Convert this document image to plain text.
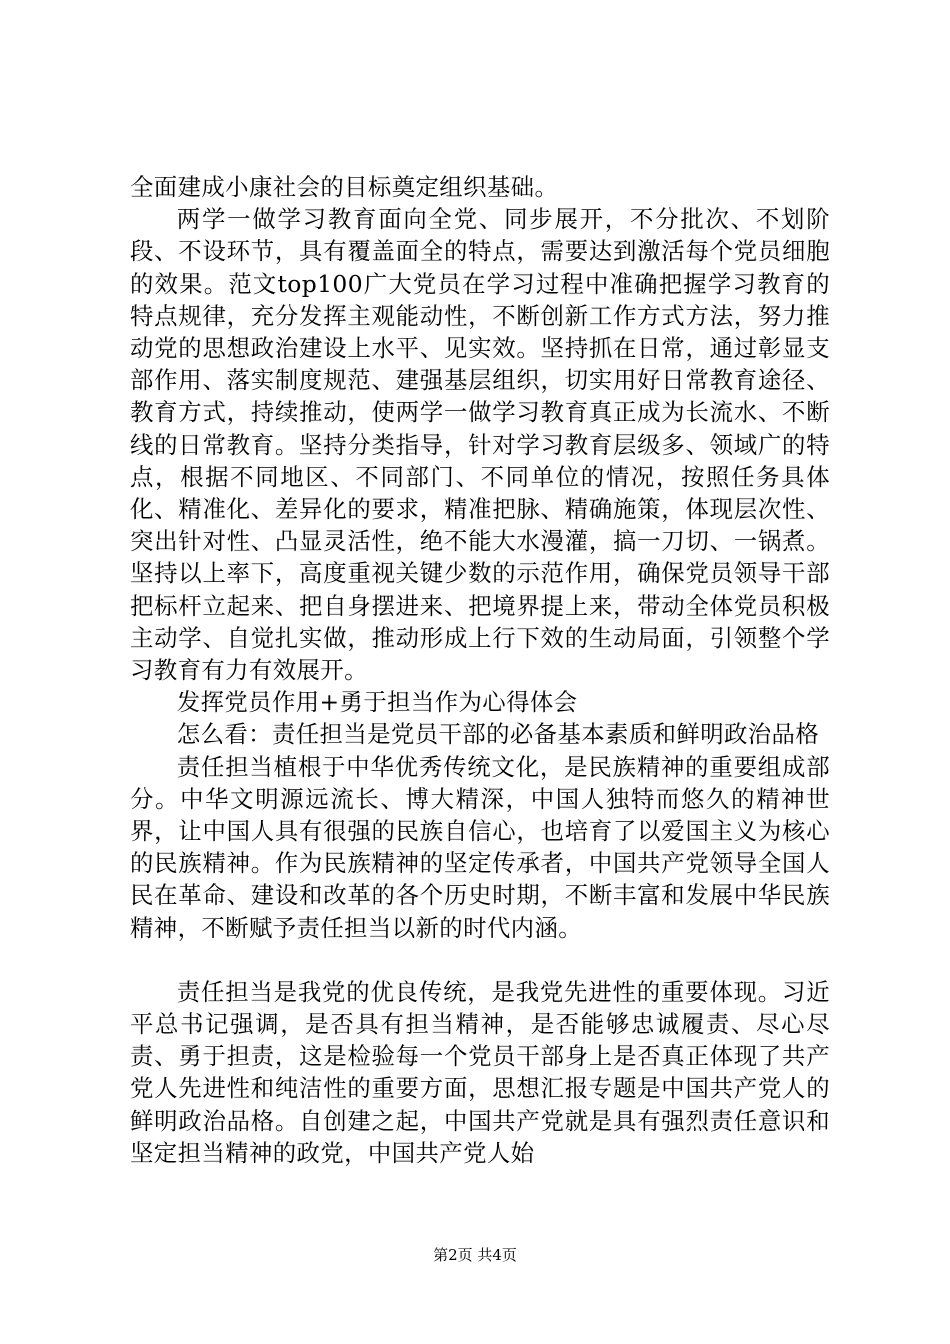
全面建成小康社会的目标奠定组织基础。

两学一做学习教育面向全党、同步展开，不分批次、不划阶段、不设环节，具有覆盖面全的特点，需要达到激活每个党员细胞的效果。范文top100广大党员在学习过程中准确把握学习教育的特点规律，充分发挥主观能动性，不断创新工作方式方法，努力推动党的思想政治建设上水平、见实效。坚持抓在日常，通过彰显支部作用、落实制度规范、建强基层组织，切实用好日常教育途径、教育方式，持续推动，使两学一做学习教育真正成为长流水、不断线的日常教育。坚持分类指导，针对学习教育层级多、领域广的特点，根据不同地区、不同部门、不同单位的情况，按照任务具体化、精准化、差异化的要求，精准把脉、精确施策，体现层次性、突出针对性、凸显灵活性，绝不能大水漫灌，搞一刀切、一锅煮。坚持以上率下，高度重视关键少数的示范作用，确保党员领导干部把标杆立起来、把自身摆进来、把境界提上来，带动全体党员积极主动学、自觉扎实做，推动形成上行下效的生动局面，引领整个学习教育有力有效展开。

发挥党员作用+勇于担当作为心得体会

怎么看：责任担当是党员干部的必备基本素质和鲜明政治品格

责任担当植根于中华优秀传统文化，是民族精神的重要组成部分。中华文明源远流长、博大精深，中国人独特而悠久的精神世界，让中国人具有很强的民族自信心，也培育了以爱国主义为核心的民族精神。作为民族精神的坚定传承者，中国共产党领导全国人民在革命、建设和改革的各个历史时期，不断丰富和发展中华民族精神，不断赋予责任担当以新的时代内涵。

责任担当是我党的优良传统，是我党先进性的重要体现。习近平总书记强调，是否具有担当精神，是否能够忠诚履责、尽心尽责、勇于担责，这是检验每一个党员干部身上是否真正体现了共产党人先进性和纯洁性的重要方面，思想汇报专题是中国共产党人的鲜明政治品格。自创建之起，中国共产党就是具有强烈责任意识和坚定担当精神的政党，中国共产党人始

第2页 共4页
